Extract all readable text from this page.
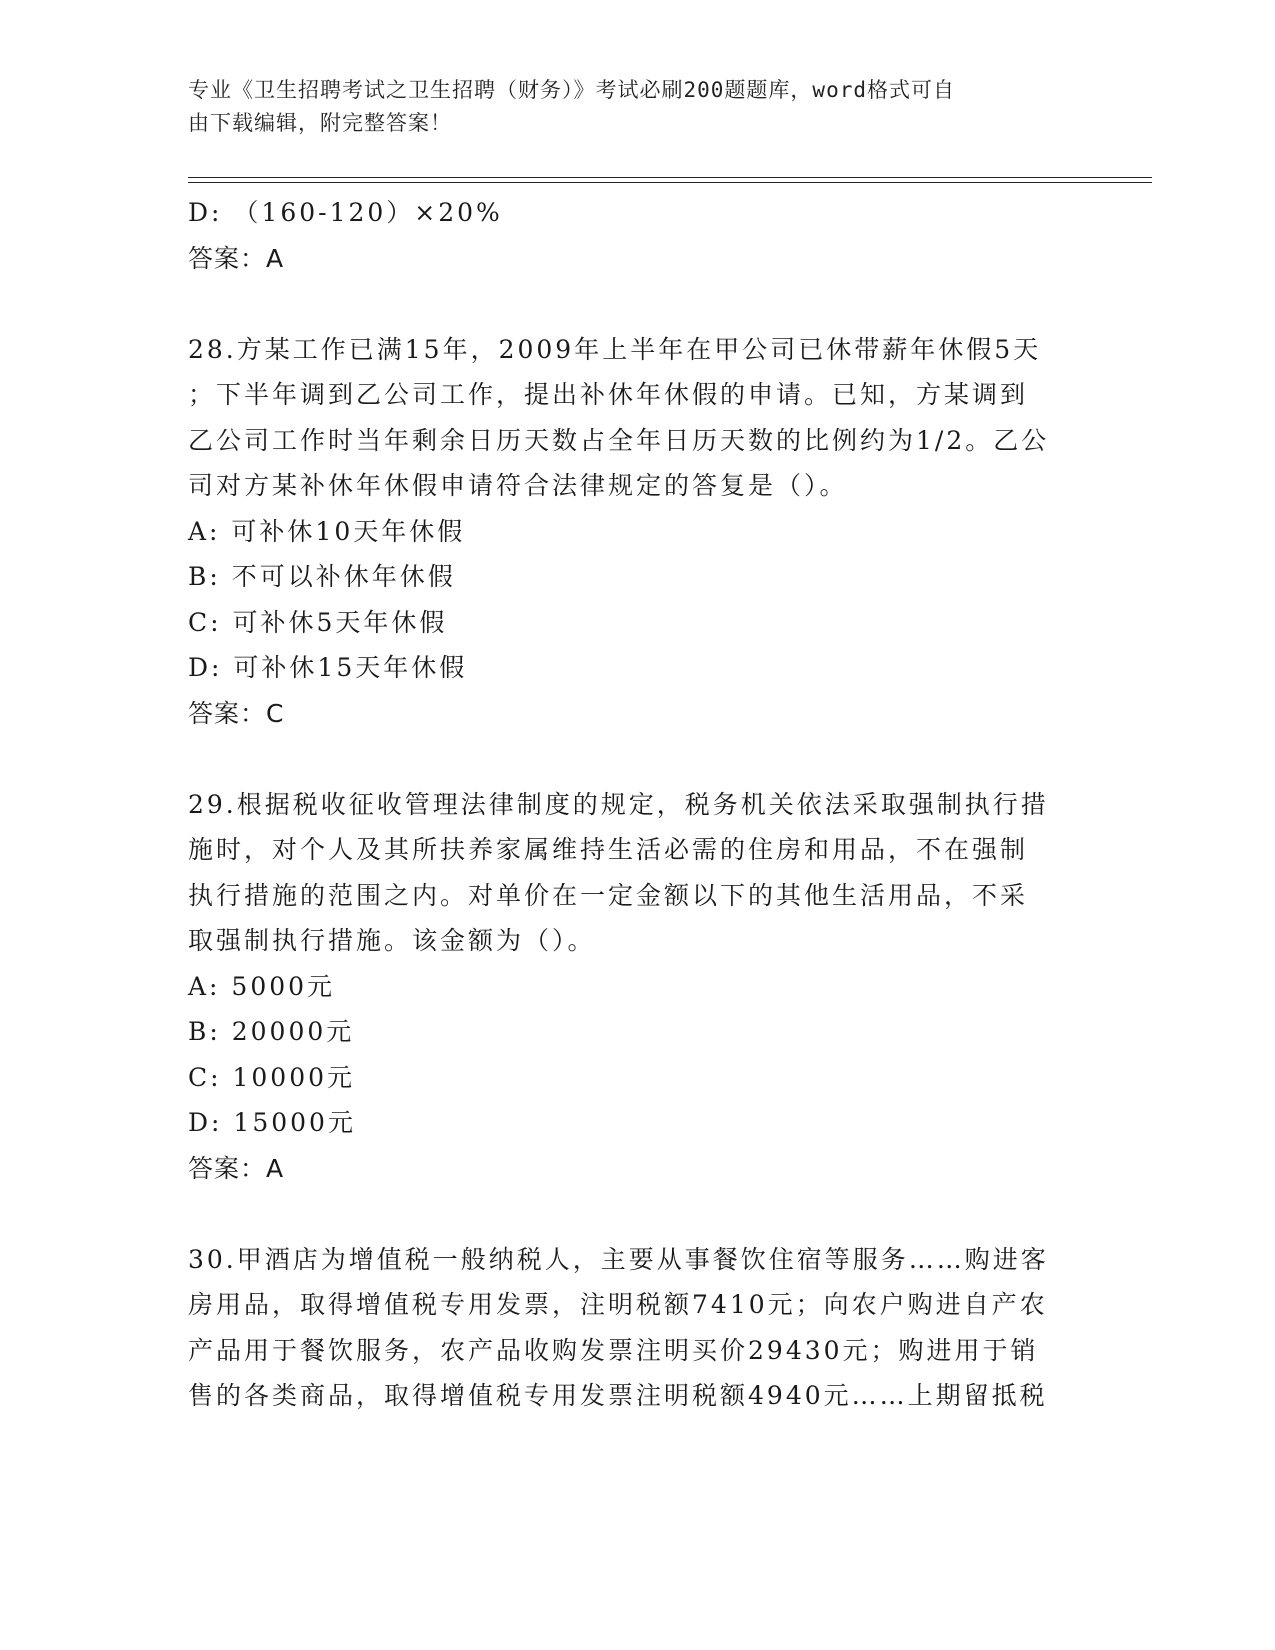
专业《卫生招聘考试之卫生招聘（财务）》考试必刷200题题库，word格式可自
由下载编辑，附完整答案！
D: （160-120）×20%
答案：A
28.方某工作已满15年，2009年上半年在甲公司已休带薪年休假5天
；下半年调到乙公司工作，提出补休年休假的申请。已知，方某调到
乙公司工作时当年剩余日历天数占全年日历天数的比例约为1/2。乙公
司对方某补休年休假申请符合法律规定的答复是（）。
A: 可补休10天年休假
B: 不可以补休年休假
C: 可补休5天年休假
D: 可补休15天年休假
答案：C
29.根据税收征收管理法律制度的规定，税务机关依法采取强制执行措
施时，对个人及其所扶养家属维持生活必需的住房和用品，不在强制
执行措施的范围之内。对单价在一定金额以下的其他生活用品，不采
取强制执行措施。该金额为（）。
A: 5000元
B: 20000元
C: 10000元
D: 15000元
答案：A
30.甲酒店为增值税一般纳税人，主要从事餐饮住宿等服务……购进客
房用品，取得增值税专用发票，注明税额7410元；向农户购进自产农
产品用于餐饮服务，农产品收购发票注明买价29430元；购进用于销
售的各类商品，取得增值税专用发票注明税额4940元……上期留抵税
